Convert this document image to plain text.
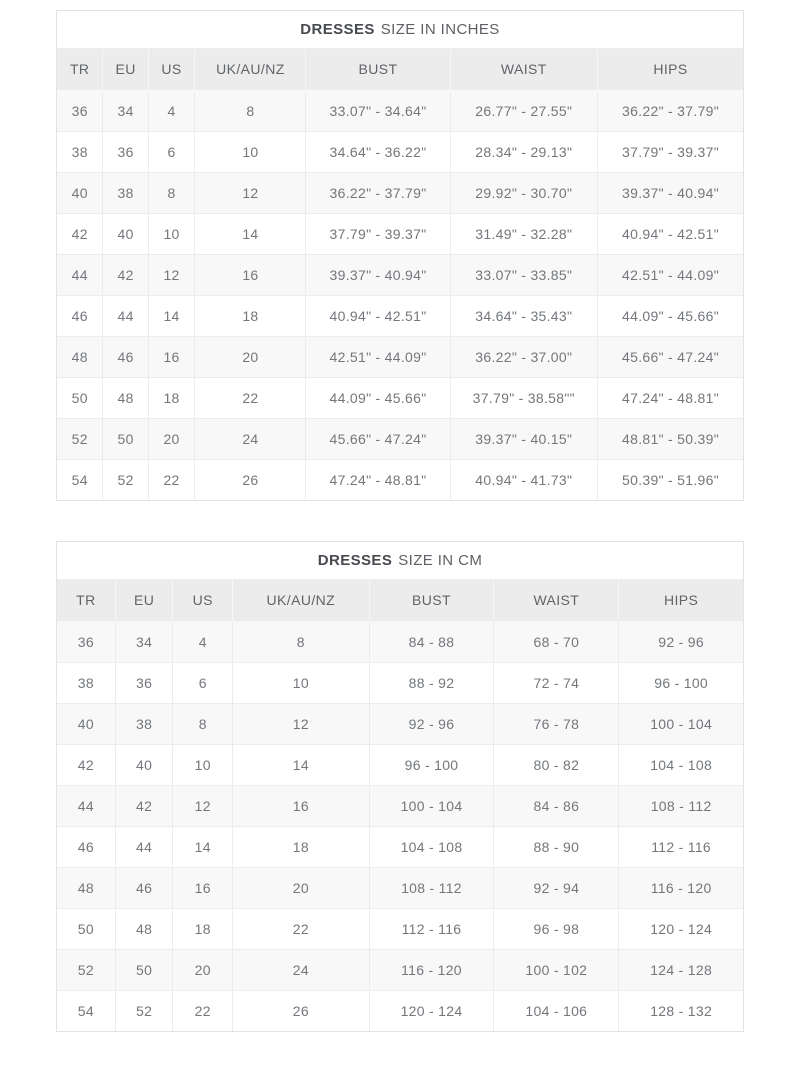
DRESSES SIZE IN INCHES
TR	EU	US	UK/AU/NZ	BUST	WAIST	HIPS
36	34	4	8	33.07" - 34.64"	26.77" - 27.55"	36.22" - 37.79"
38	36	6	10	34.64" - 36.22"	28.34" - 29.13"	37.79" - 39.37"
40	38	8	12	36.22" - 37.79"	29.92" - 30.70"	39.37" - 40.94"
42	40	10	14	37.79" - 39.37"	31.49" - 32.28"	40.94" - 42.51"
44	42	12	16	39.37" - 40.94"	33.07" - 33.85"	42.51" - 44.09"
46	44	14	18	40.94" - 42.51"	34.64" - 35.43"	44.09" - 45.66"
48	46	16	20	42.51" - 44.09"	36.22" - 37.00"	45.66" - 47.24"
50	48	18	22	44.09" - 45.66"	37.79" - 38.58""	47.24" - 48.81"
52	50	20	24	45.66" - 47.24"	39.37" - 40.15"	48.81" - 50.39"
54	52	22	26	47.24" - 48.81"	40.94" - 41.73"	50.39" - 51.96"
DRESSES SIZE IN CM
TR	EU	US	UK/AU/NZ	BUST	WAIST	HIPS
36	34	4	8	84 - 88	68 - 70	92 - 96
38	36	6	10	88 - 92	72 - 74	96 - 100
40	38	8	12	92 - 96	76 - 78	100 - 104
42	40	10	14	96 - 100	80 - 82	104 - 108
44	42	12	16	100 - 104	84 - 86	108 - 112
46	44	14	18	104 - 108	88 - 90	112 - 116
48	46	16	20	108 - 112	92 - 94	116 - 120
50	48	18	22	112 - 116	96 - 98	120 - 124
52	50	20	24	116 - 120	100 - 102	124 - 128
54	52	22	26	120 - 124	104 - 106	128 - 132
